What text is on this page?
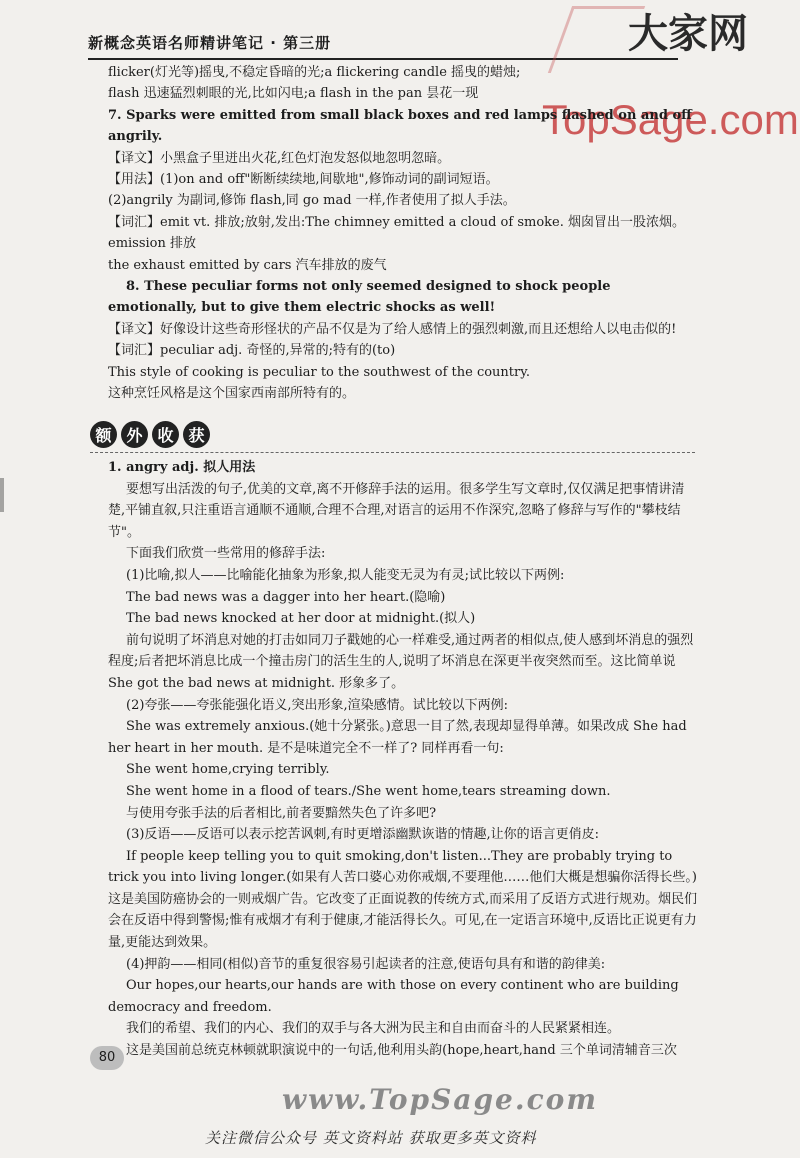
新概念英语名师精讲笔记 · 第三册	大家网
TopSage.com

flicker(灯光等)摇曳,不稳定昏暗的光;a flickering candle 摇曳的蜡烛;

flash 迅速猛烈刺眼的光,比如闪电;a flash in the pan 昙花一现

7. Sparks were emitted from small black boxes and red lamps flashed on and off angrily.

【译文】小黑盒子里迸出火花,红色灯泡发怒似地忽明忽暗。

【用法】(1)on and off"断断续续地,间歇地",修饰动词的副词短语。

(2)angrily 为副词,修饰 flash,同 go mad 一样,作者使用了拟人手法。

【词汇】emit vt. 排放;放射,发出:The chimney emitted a cloud of smoke. 烟囱冒出一股浓烟。

emission 排放

the exhaust emitted by cars 汽车排放的废气

8. These peculiar forms not only seemed designed to shock people emotionally, but to give them electric shocks as well!

【译文】好像设计这些奇形怪状的产品不仅是为了给人感情上的强烈刺激,而且还想给人以电击似的!

【词汇】peculiar adj. 奇怪的,异常的;特有的(to)

This style of cooking is peculiar to the southwest of the country.

这种烹饪风格是这个国家西南部所特有的。

额 外 收 获

1. angry adj. 拟人用法

要想写出活泼的句子,优美的文章,离不开修辞手法的运用。很多学生写文章时,仅仅满足把事情讲清楚,平铺直叙,只注重语言通顺不通顺,合理不合理,对语言的运用不作深究,忽略了修辞与写作的"攀枝结节"。

下面我们欣赏一些常用的修辞手法:

(1)比喻,拟人——比喻能化抽象为形象,拟人能变无灵为有灵;试比较以下两例:

The bad news was a dagger into her heart.(隐喻)

The bad news knocked at her door at midnight.(拟人)

前句说明了坏消息对她的打击如同刀子戳她的心一样难受,通过两者的相似点,使人感到坏消息的强烈程度;后者把坏消息比成一个撞击房门的活生生的人,说明了坏消息在深更半夜突然而至。这比简单说 She got the bad news at midnight. 形象多了。

(2)夸张——夸张能强化语义,突出形象,渲染感情。试比较以下两例:

She was extremely anxious.(她十分紧张。)意思一目了然,表现却显得单薄。如果改成 She had her heart in her mouth. 是不是味道完全不一样了? 同样再看一句:

She went home,crying terribly.

She went home in a flood of tears./She went home,tears streaming down.

与使用夸张手法的后者相比,前者要黯然失色了许多吧?

(3)反语——反语可以表示挖苦讽刺,有时更增添幽默诙谐的情趣,让你的语言更俏皮:

If people keep telling you to quit smoking,don't listen...They are probably trying to trick you into living longer.(如果有人苦口婆心劝你戒烟,不要理他……他们大概是想骗你活得长些。)这是美国防癌协会的一则戒烟广告。它改变了正面说教的传统方式,而采用了反语方式进行规劝。烟民们会在反语中得到警惕;惟有戒烟才有利于健康,才能活得长久。可见,在一定语言环境中,反语比正说更有力量,更能达到效果。

(4)押韵——相同(相似)音节的重复很容易引起读者的注意,使语句具有和谐的韵律美:

Our hopes,our hearts,our hands are with those on every continent who are building democracy and freedom.

我们的希望、我们的内心、我们的双手与各大洲为民主和自由而奋斗的人民紧紧相连。

这是美国前总统克林顿就职演说中的一句话,他利用头韵(hope,heart,hand 三个单词清辅音三次

80
www.TopSage.com
关注微信公众号 英文资料站 获取更多英文资料
